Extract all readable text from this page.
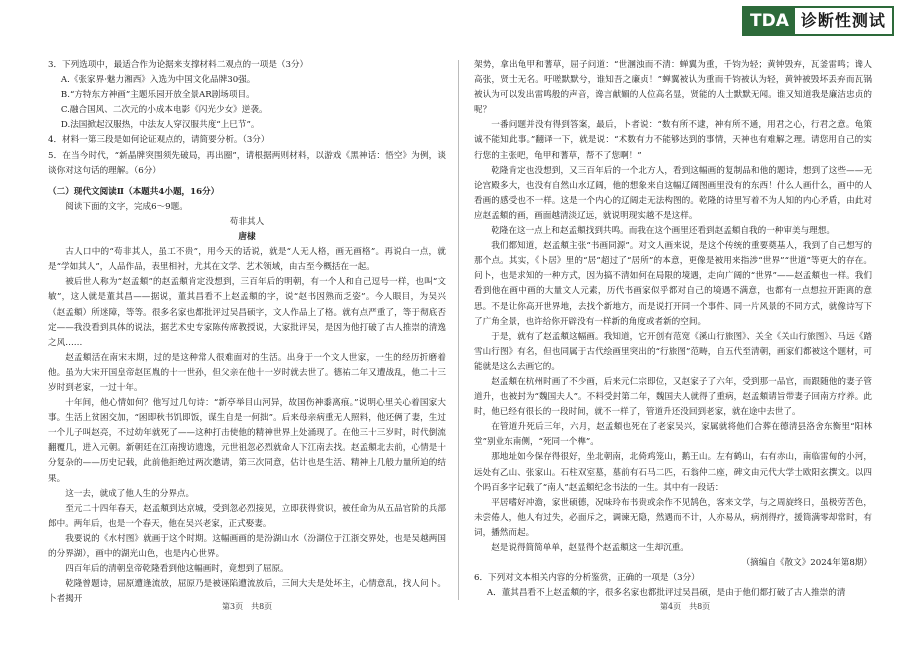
TDA 诊断性测试

3．下列选项中，最适合作为论据来支撑材料二观点的一项是（3分）

A.《张家界·魅力湘西》入选为中国文化品牌30强。

B.“方特东方神画”主题乐园开放全景AR剧场项目。

C.融合国风、二次元的小成本电影《闪光少女》逆袭。

D.法国掀起汉服热，中法友人穿汉服共度“上巳节”。

4．材料一第三段是如何论证观点的，请简要分析。（3分）

5．在当今时代，“新晶牌突围须先破局，再出圈”，请根据两则材料，以游戏《黑神话：悟空》为例，谈谈你对这句话的理解。（6分）

（二）现代文阅读Ⅱ（本题共4小题，16分）

阅读下面的文字，完成6～9题。

苟非其人

唐棣

古人口中的“苟非其人，虽工不贵”，用今天的话说，就是“人无人格，画无画格”。再说白一点，就是“学如其人”，人品作品，表里相衬，尤其在文学、艺术领域，由古至今概括在一起。

被后世人称为“赵孟頫”的赵孟頫肯定没想到，三百年后的明朝，有一个人和自己逗号一样，也叫“文敏”，这人就是董其昌——据说，董其昌看不上赵孟頫的字，说“赵书因熟而乏姿”。今人眼目，为吴兴（赵孟頫）所迷障，等等。很多名家也都批评过吴昌硕字，文人作品上了格。就有点严重了，等于彻底否定——我没看到具体的说法，据艺术史专家陈传席教授说，大家批评吴，是因为他打破了古人推崇的清逸之风……

赵孟頫活在南宋末期，过的是这种常人很难面对的生活。出身于一个文人世家，一生的经历折磨着他。虽为大宋开国皇帝赵匡胤的十一世孙，但父亲在他十一岁时就去世了。德祐二年又遭战乱，他二十三岁时到老家，一过十年。

十年间，他心情如何？他写过几句诗：“新亭举目山河异，故国伤神黍离痕。”说明心里关心着国家大事。生活上贫困交加，“困即秋书饥即饭，谋生自是一何拙”。后来母亲病重无人照料，他还俩了妻，生过一个儿子叫赵亮，不过幼年就死了——这种打击使他的精神世界上处涌现了。在他三十三岁时，时代倒流翻覆几，进入元朝。新朝廷在江南搜访遗逸，元世祖忽必烈就命人下江南去找。赵孟頫北去前，心情是十分复杂的——历史记载，此前他拒绝过两次邀请，第三次同意，估计也是生活、精神上几般力量所迫的结果。

这一去，就成了他人生的分界点。

至元二十四年春天，赵孟頫到达京城，受到忽必烈接见，立即获得赏识，被任命为从五品官阶的兵部郎中。两年后，也是一个春天，他在吴兴老家，正式娶妻。

我要说的《水村图》就画于这个时期。这幅画画的是汾湖山水（汾湖位于江浙交界处，也是吴越两国的分界湖），画中的湖光山色，也是内心世界。

四百年后的清朝皇帝乾隆看到他这幅画时，竟想到了屈原。

乾隆曾题诗，屈原遭逢流放，屈原乃是被诬陷遭流放后，三间大夫是处坏主，心情意乱，找人问卜。卜者揭开

架势，拿出龟甲和蓍草，屈子问道：“世溷浊而不清：蝉翼为重，千钧为轻；黄钟毁弃，瓦釜雷鸣；谗人高张，贤士无名。吁嗟默默兮，谁知吾之廉贞！”蝉翼被认为重而千钧被认为轻，黄钟被毁坏丢弃而瓦锅被认为可以发出雷鸣般的声音，谗言献媚的人位高名显，贤能的人士默默无闻。谁又知道我是廉洁忠贞的呢？

一番问题并没有得到答案，最后，卜者说：“数有所不逮，神有所不通，用君之心，行君之意。龟策诚不能知此事。”翻译一下，就是说：“术数有力不能够达到的事情，天神也有难解之理。请您用自己的实行您的主张吧，龟甲和蓍草，帮不了您啊！”

乾隆肯定也没想到，又三百年后的一个北方人，看到这幅画的复制品和他的题诗，想到了这些——无论宫殿多大，也没有自然山水辽阔，他的想象来自这幅辽阔图画里没有的东西！什么人画什么，画中的人看画的感受也不一样。这是一个内心的辽阔走无法构图的。乾隆的诗里写着不为人知的内心矛盾，由此对应赵孟頫的画，画面越清淡辽远，就说明现实越不是这样。

乾隆在这一点上和赵孟頫找到共鸣。而我在这个画里还看到赵孟頫自我的一种审美与理想。

我们都知道，赵孟頫主张“书画同源”。对文人画来说，是这个传统的重要奠基人，我到了自己想写的那个点。其实，《卜居》里的“居”超过了“居所”的本意，更像是被用来指涉“世界”“世道”等更大的存在。问卜，也是求知的一种方式，因为搞不清如何在局限的境遇，走向广阔的“世界”——赵孟頫也一样。我们看到他在画中画的大量文人元素，历代书画家似乎都对自己的境遇不满意，也都有一点想拉开距离的意思。不是让你高开世界地，去找个新地方，而是说打开同一个事件、同一片风景的不同方式，就像诗写下了广角全景，也许给你开辟没有一样新的角度或者新的空间。

于是，就有了赵孟頫这幅画。我知道，它开创有范宽《溪山行旅图》、关全《关山行旅图》、马远《踏雪山行图》有名，但也同属于古代绘画里突出的“行旅图”范畴，自五代至清朝，画家们都被这个题材，可能就是这么去画它的。

赵孟頫在杭州时画了不少画，后来元仁宗即位，又赵家子了六年，受到那一品官，而跟随他的妻子管道升，也被封为“魏国夫人”。不料受封第二年，魏国夫人就得了重病，赵孟頫请旨带妻子回南方疗养。此时，他已经有很长的一段时间，就不一样了，管道升还没回到老家，就在途中去世了。

在管道升死后三年，六月，赵孟頫也死在了老家吴兴，家属就将他们合葬在德清县洛舍东衡里“阳林堂”别业东南侧，“死同一个榫”。

那地址如今保存得很好，坐北朝南，北倚鸡笼山，鹅王山。左有鹤山，右有赤山，南临雷甸的小河，远处有乙山、张家山。石柱双室墓，墓前有石马二匹，石翁仲二座，碑文由元代大学士欧阳玄撰文。以四个吗百多字记载了“南人”赵孟頫纪念书法的一生。其中有一段话：

平居嗜好冲澹，家世硕德，况味玲布书贵或余作不见鹄色，客来文学，与之周旋终日，虽极劳苦色，未尝倦人，他人有过失，必面斥之，调谏无隐，然遇而不计，人亦易从，病剂得疗，援筒满零却常时，有词，播然而起。

赵是说得简简单单，赵显得个赵孟頫这一生却沉重。

（摘编自《散文》2024年第8期）

6．下列对文本相关内容的分析鉴赏，正确的一项是（3分）

A．董其昌看不上赵孟頫的字，很多名家也都批评过吴昌硕，是由于他们都打破了古人推崇的清

第3页　共8页	第4页　共8页
